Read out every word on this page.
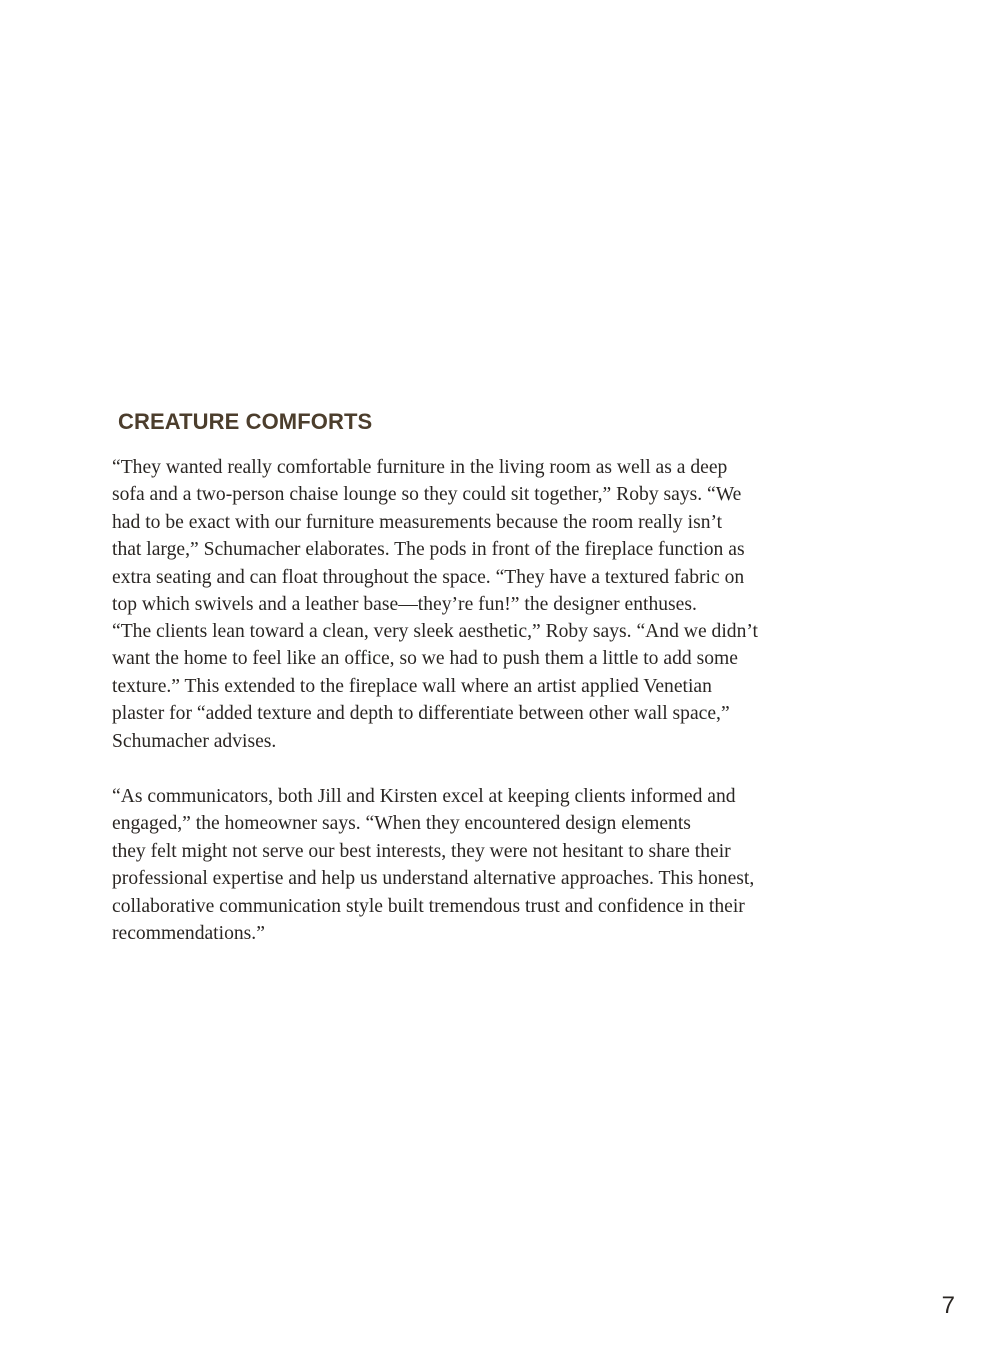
CREATURE COMFORTS
“They wanted really comfortable furniture in the living room as well as a deep
sofa and a two-person chaise lounge so they could sit together,” Roby says. “We
had to be exact with our furniture measurements because the room really isn’t
that large,” Schumacher elaborates. The pods in front of the fireplace function as
extra seating and can float throughout the space. “They have a textured fabric on
top which swivels and a leather base—they’re fun!” the designer enthuses.
“The clients lean toward a clean, very sleek aesthetic,” Roby says. “And we didn’t
want the home to feel like an office, so we had to push them a little to add some
texture.” This extended to the fireplace wall where an artist applied Venetian
plaster for “added texture and depth to differentiate between other wall space,”
Schumacher advises.
“As communicators, both Jill and Kirsten excel at keeping clients informed and
engaged,” the homeowner says. “When they encountered design elements
they felt might not serve our best interests, they were not hesitant to share their
professional expertise and help us understand alternative approaches. This honest,
collaborative communication style built tremendous trust and confidence in their
recommendations.”
7
